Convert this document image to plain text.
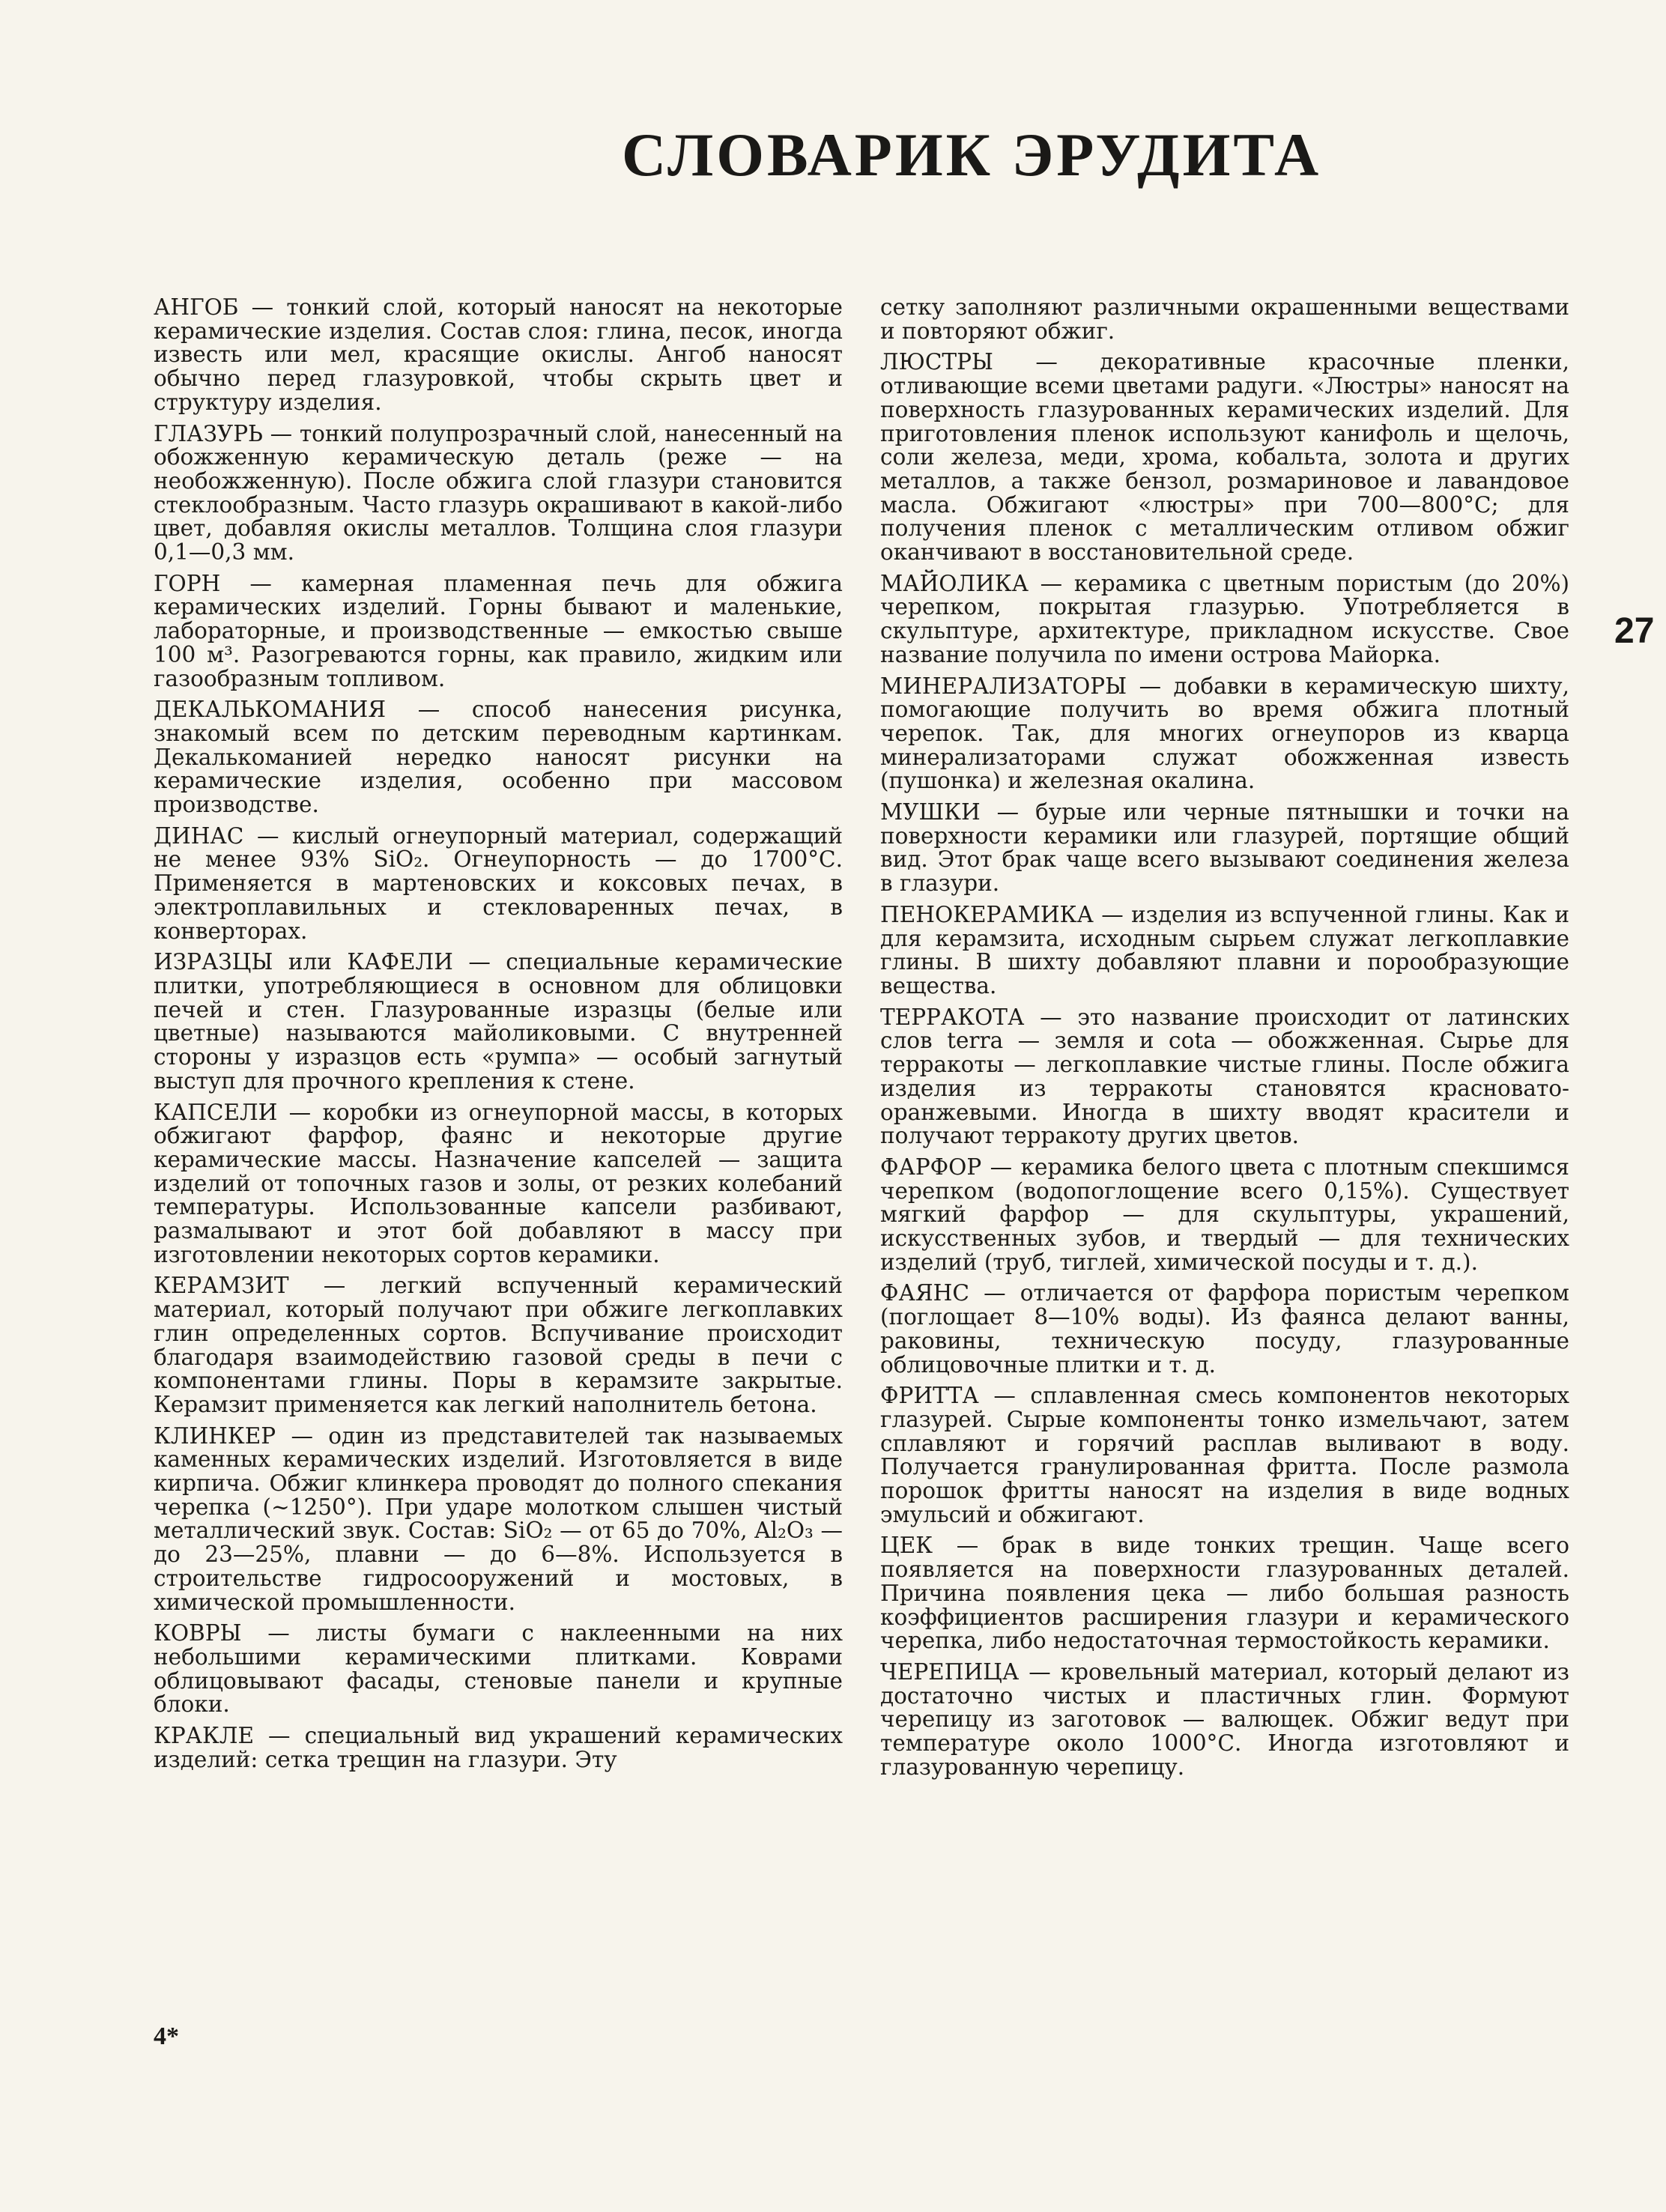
СЛОВАРИК ЭРУДИТА

АНГОБ — тонкий слой, который наносят на некоторые керамические изделия. Состав слоя: глина, песок, иногда известь или мел, красящие окислы. Ангоб наносят обычно перед глазуровкой, чтобы скрыть цвет и структуру изделия.

ГЛАЗУРЬ — тонкий полупрозрачный слой, нанесенный на обожженную керамическую деталь (реже — на необожженную). После обжига слой глазури становится стеклообразным. Часто глазурь окрашивают в какой-либо цвет, добавляя окислы металлов. Толщина слоя глазури 0,1—0,3 мм.

ГОРН — камерная пламенная печь для обжига керамических изделий. Горны бывают и маленькие, лабораторные, и производственные — емкостью свыше 100 м³. Разогреваются горны, как правило, жидким или газообразным топливом.

ДЕКАЛЬКОМАНИЯ — способ нанесения рисунка, знакомый всем по детским переводным картинкам. Декалькоманией нередко наносят рисунки на керамические изделия, особенно при массовом производстве.

ДИНАС — кислый огнеупорный материал, содержащий не менее 93% SiO₂. Огнеупорность — до 1700°С. Применяется в мартеновских и коксовых печах, в электроплавильных и стекловаренных печах, в конверторах.

ИЗРАЗЦЫ или КАФЕЛИ — специальные керамические плитки, употребляющиеся в основном для облицовки печей и стен. Глазурованные изразцы (белые или цветные) называются майоликовыми. С внутренней стороны у изразцов есть «румпа» — особый загнутый выступ для прочного крепления к стене.

КАПСЕЛИ — коробки из огнеупорной массы, в которых обжигают фарфор, фаянс и некоторые другие керамические массы. Назначение капселей — защита изделий от топочных газов и золы, от резких колебаний температуры. Использованные капсели разбивают, размалывают и этот бой добавляют в массу при изготовлении некоторых сортов керамики.

КЕРАМЗИТ — легкий вспученный керамический материал, который получают при обжиге легкоплавких глин определенных сортов. Вспучивание происходит благодаря взаимодействию газовой среды в печи с компонентами глины. Поры в керамзите закрытые. Керамзит применяется как легкий наполнитель бетона.

КЛИНКЕР — один из представителей так называемых каменных керамических изделий. Изготовляется в виде кирпича. Обжиг клинкера проводят до полного спекания черепка (~1250°). При ударе молотком слышен чистый металлический звук. Состав: SiO₂ — от 65 до 70%, Al₂O₃ — до 23—25%, плавни — до 6—8%. Используется в строительстве гидросооружений и мостовых, в химической промышленности.

КОВРЫ — листы бумаги с наклеенными на них небольшими керамическими плитками. Коврами облицовывают фасады, стеновые панели и крупные блоки.

КРАКЛЕ — специальный вид украшений керамических изделий: сетка трещин на глазури. Эту

сетку заполняют различными окрашенными веществами и повторяют обжиг.

ЛЮСТРЫ — декоративные красочные пленки, отливающие всеми цветами радуги. «Люстры» наносят на поверхность глазурованных керамических изделий. Для приготовления пленок используют канифоль и щелочь, соли железа, меди, хрома, кобальта, золота и других металлов, а также бензол, розмариновое и лавандовое масла. Обжигают «люстры» при 700—800°С; для получения пленок с металлическим отливом обжиг оканчивают в восстановительной среде.

МАЙОЛИКА — керамика с цветным пористым (до 20%) черепком, покрытая глазурью. Употребляется в скульптуре, архитектуре, прикладном искусстве. Свое название получила по имени острова Майорка.

МИНЕРАЛИЗАТОРЫ — добавки в керамическую шихту, помогающие получить во время обжига плотный черепок. Так, для многих огнеупоров из кварца минерализаторами служат обожженная известь (пушонка) и железная окалина.

МУШКИ — бурые или черные пятнышки и точки на поверхности керамики или глазурей, портящие общий вид. Этот брак чаще всего вызывают соединения железа в глазури.

ПЕНОКЕРАМИКА — изделия из вспученной глины. Как и для керамзита, исходным сырьем служат легкоплавкие глины. В шихту добавляют плавни и порообразующие вещества.

ТЕРРАКОТА — это название происходит от латинских слов terra — земля и cota — обожженная. Сырье для терракоты — легкоплавкие чистые глины. После обжига изделия из терракоты становятся красновато-оранжевыми. Иногда в шихту вводят красители и получают терракоту других цветов.

ФАРФОР — керамика белого цвета с плотным спекшимся черепком (водопоглощение всего 0,15%). Существует мягкий фарфор — для скульптуры, украшений, искусственных зубов, и твердый — для технических изделий (труб, тиглей, химической посуды и т. д.).

ФАЯНС — отличается от фарфора пористым черепком (поглощает 8—10% воды). Из фаянса делают ванны, раковины, техническую посуду, глазурованные облицовочные плитки и т. д.

ФРИТТА — сплавленная смесь компонентов некоторых глазурей. Сырые компоненты тонко измельчают, затем сплавляют и горячий расплав выливают в воду. Получается гранулированная фритта. После размола порошок фритты наносят на изделия в виде водных эмульсий и обжигают.

ЦЕК — брак в виде тонких трещин. Чаще всего появляется на поверхности глазурованных деталей. Причина появления цека — либо большая разность коэффициентов расширения глазури и керамического черепка, либо недостаточная термостойкость керамики.

ЧЕРЕПИЦА — кровельный материал, который делают из достаточно чистых и пластичных глин. Формуют черепицу из заготовок — валющек. Обжиг ведут при температуре около 1000°С. Иногда изготовляют и глазурованную черепицу.

27
4*
